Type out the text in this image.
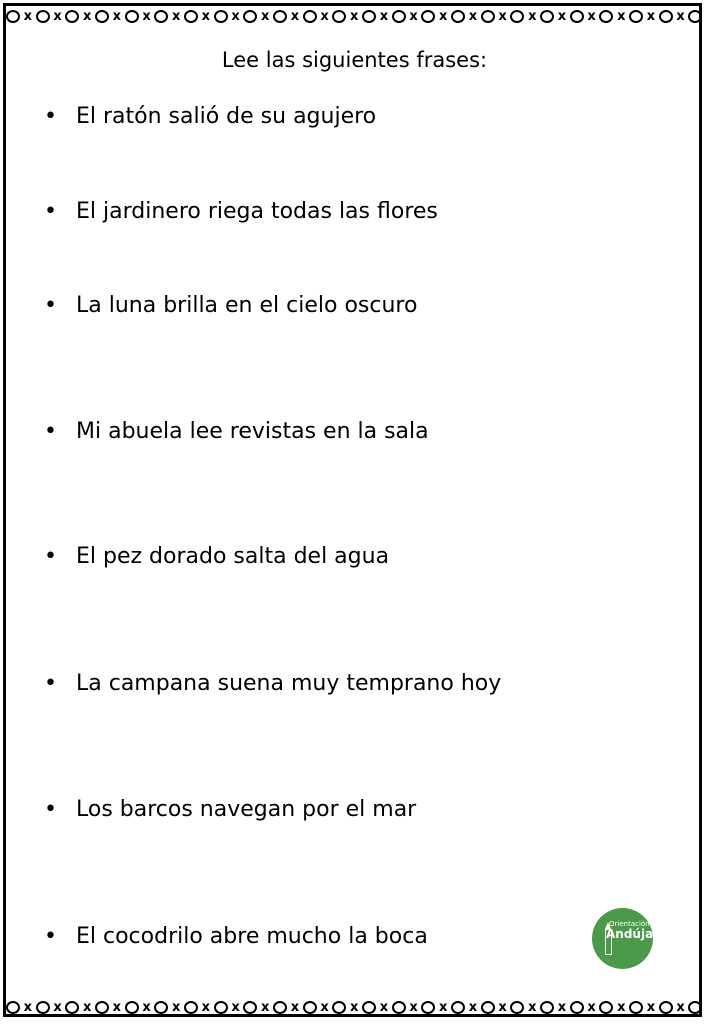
x x x x x x x x x x x x x x x x x x x x x x x
x x x x x x x x x x x x x x x x x x x x x x x
Lee las siguientes frases:
• El ratón salió de su agujero
• El jardinero riega todas las flores
• La luna brilla en el cielo oscuro
• Mi abuela lee revistas en la sala
• El pez dorado salta del agua
• La campana suena muy temprano hoy
• Los barcos navegan por el mar
• El cocodrilo abre mucho la boca	Orientación
Andújar
